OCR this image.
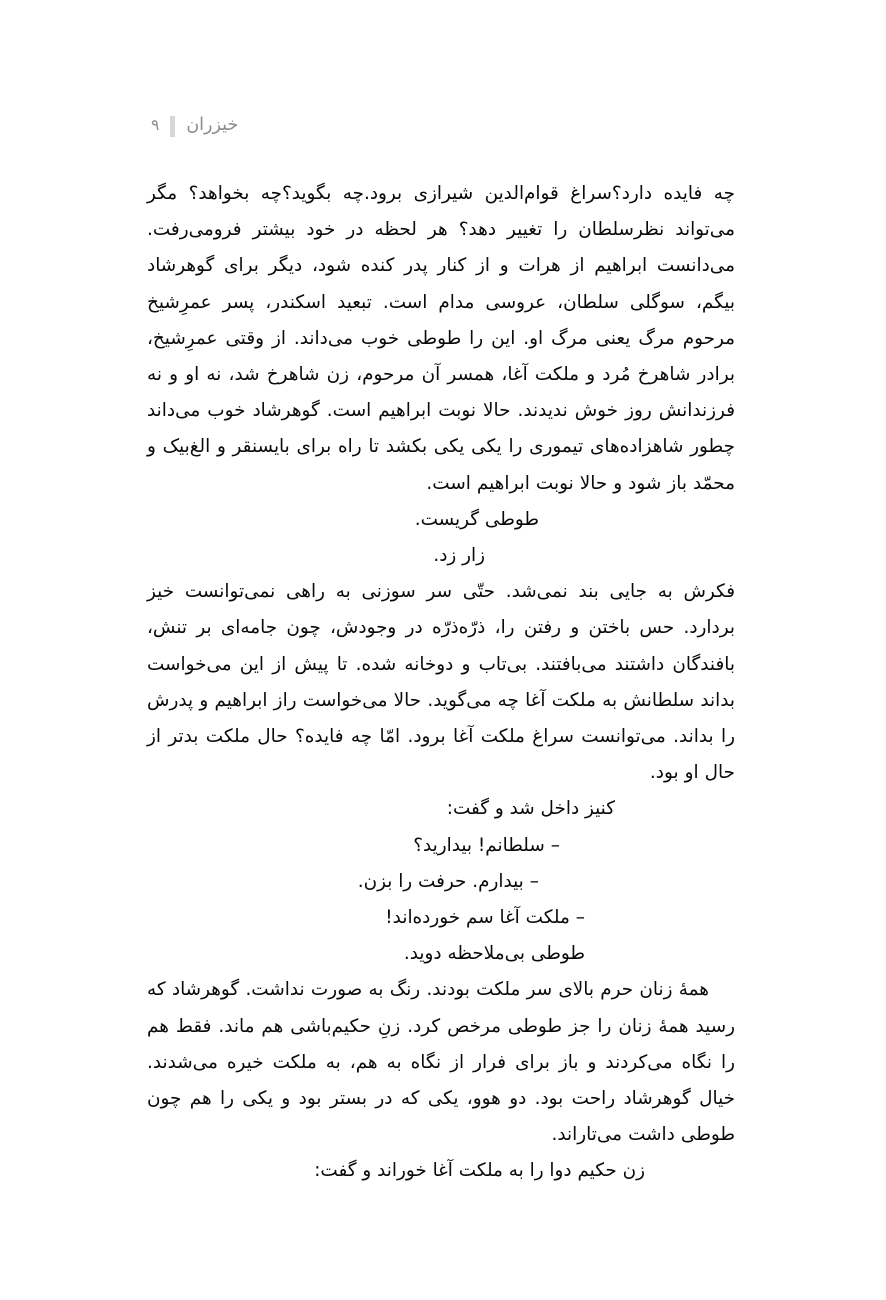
خیزران
۹

چه فایده دارد؟سراغ قوام‌الدین شیرازی برود.چه بگوید؟چه بخواهد؟ مگر می‌تواند نظرسلطان را تغییر دهد؟ هر لحظه در خود بیشتر فرومی‌رفت. می‌دانست ابراهیم از هرات و از کنار پدر کنده شود، دیگر برای گوهرشاد بیگم، سوگلی سلطان، عروسی مدام است. تبعید اسکندر، پسر عمرِشیخ مرحوم مرگ یعنی مرگ او. این را طوطی خوب می‌داند. از وقتی عمرِشیخ، برادر شاهرخ مُرد و ملکت آغا، همسر آن مرحوم، زن شاهرخ شد، نه او و نه فرزندانش روز خوش ندیدند. حالا نوبت ابراهیم است. گوهرشاد خوب می‌داند چطور شاهزاده‌های تیموری را یکی یکی بکشد تا راه برای بایسنقر و الغ‌بیک و محمّد باز شود و حالا نوبت ابراهیم است.

طوطی گریست.

زار زد.

فکرش به جایی بند نمی‌شد. حتّی سر سوزنی به راهی نمی‌توانست خیز بردارد. حس باختن و رفتن را، ذرّه‌ذرّه در وجودش، چون جامه‌ای بر تنش، بافندگان داشتند می‌بافتند. بی‌تاب و دوخانه شده. تا پیش از این می‌خواست بداند سلطانش به ملکت آغا چه می‌گوید. حالا می‌خواست راز ابراهیم و پدرش را بداند. می‌توانست سراغ ملکت آغا برود. امّا چه فایده؟ حال ملکت بدتر از حال او بود.

کنیز داخل شد و گفت:

–سلطانم! بیدارید؟

–بیدارم. حرفت را بزن.

–ملکت آغا سم خورده‌اند!

طوطی بی‌ملاحظه دوید.

همهٔ زنان حرم بالای سر ملکت بودند. رنگ به صورت نداشت. گوهرشاد که رسید همهٔ زنان را جز طوطی مرخص کرد. زنِ حکیم‌باشی هم ماند. فقط هم را نگاه می‌کردند و باز برای فرار از نگاه به هم، به ملکت خیره می‌شدند. خیال گوهرشاد راحت بود. دو هوو، یکی که در بستر بود و یکی را هم چون طوطی داشت می‌تاراند.

زن حکیم دوا را به ملکت آغا خوراند و گفت:
